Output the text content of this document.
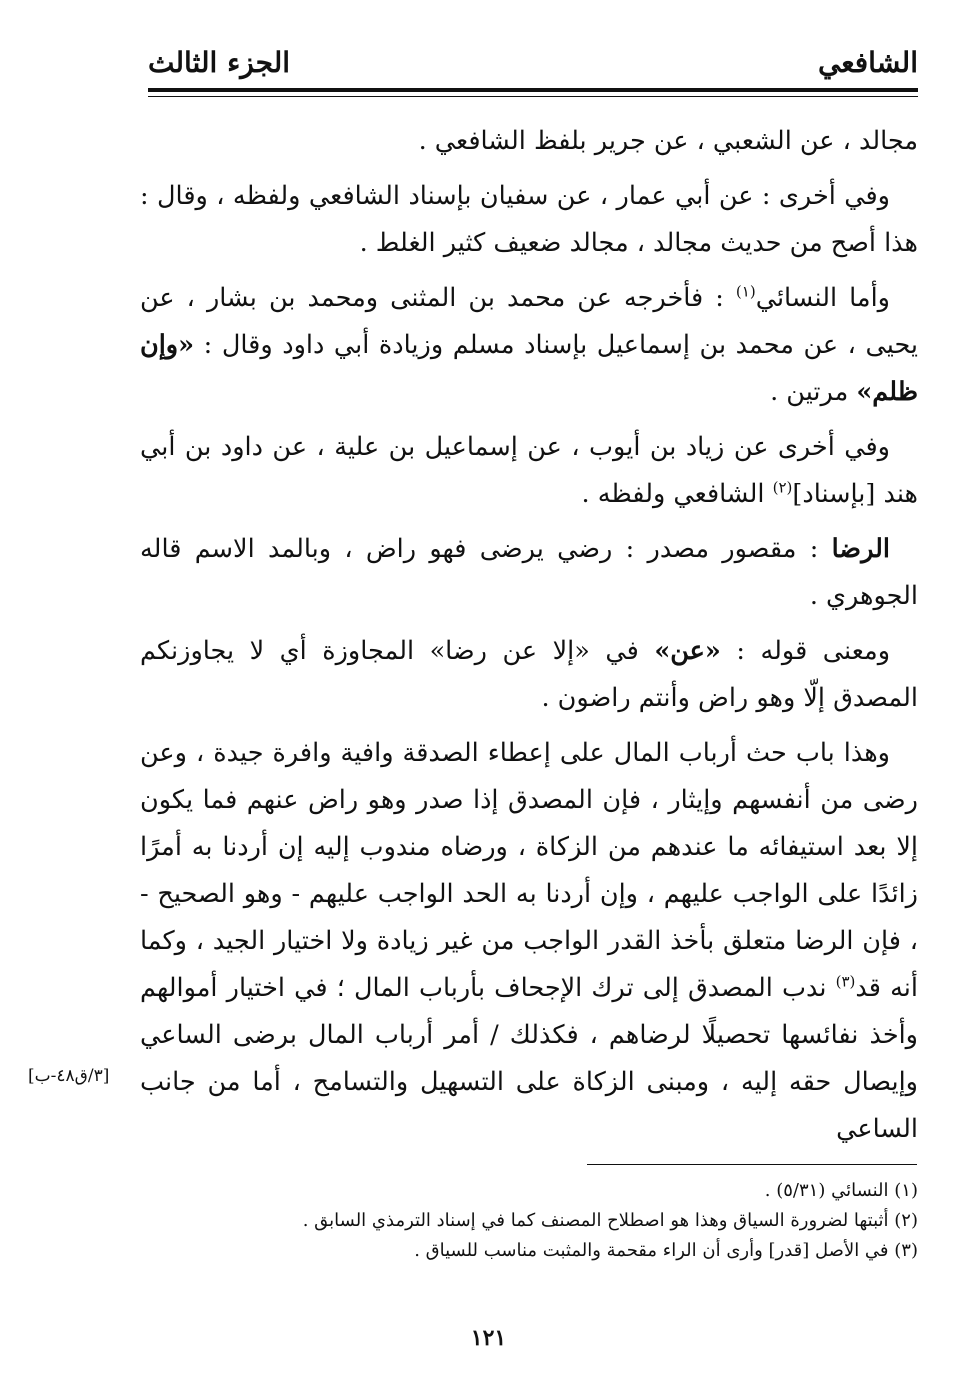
الشافعي
الجزء الثالث

مجالد ، عن الشعبي ، عن جرير بلفظ الشافعي .

وفي أخرى : عن أبي عمار ، عن سفيان بإسناد الشافعي ولفظه ، وقال : هذا أصح من حديث مجالد ، مجالد ضعيف كثير الغلط .

وأما النسائي$^{(١)}$ : فأخرجه عن محمد بن المثنى ومحمد بن بشار ، عن يحيى ، عن محمد بن إسماعيل بإسناد مسلم وزيادة أبي داود وقال : «وإن ظلم» مرتين .

وفي أخرى عن زياد بن أيوب ، عن إسماعيل بن علية ، عن داود بن أبي هند [بإسناد]$^{(٢)}$ الشافعي ولفظه .

الرضا : مقصور مصدر : رضي يرضى فهو راض ، وبالمد الاسم قاله الجوهري .

ومعنى قوله : «عن» في «إلا عن رضا» المجاوزة أي لا يجاوزنكم المصدق إلّا وهو راض وأنتم راضون .

وهذا باب حث أرباب المال على إعطاء الصدقة وافية وافرة جيدة ، وعن رضى من أنفسهم وإيثار ، فإن المصدق إذا صدر وهو راض عنهم فما يكون إلا بعد استيفائه ما عندهم من الزكاة ، ورضاه مندوب إليه إن أردنا به أمرًا زائدًا على الواجب عليهم ، وإن أردنا به الحد الواجب عليهم - وهو الصحيح - ، فإن الرضا متعلق بأخذ القدر الواجب من غير زيادة ولا اختيار الجيد ، وكما أنه قد$^{(٣)}$ ندب المصدق إلى ترك الإجحاف بأرباب المال ؛ في اختيار أموالهم وأخذ نفائسها تحصيلًا لرضاهم ، فكذلك / أمر أرباب المال برضى الساعي وإيصال حقه إليه ، ومبنى الزكاة على التسهيل والتسامح ، أما من جانب الساعي

[٣/ق٤٨-ب]

(١) النسائي (٥/٣١) .

(٢) أثبتها لضرورة السياق وهذا هو اصطلاح المصنف كما في إسناد الترمذي السابق .

(٣) في الأصل [قدر] وأرى أن الراء مقحمة والمثبت مناسب للسياق .

١٢١
